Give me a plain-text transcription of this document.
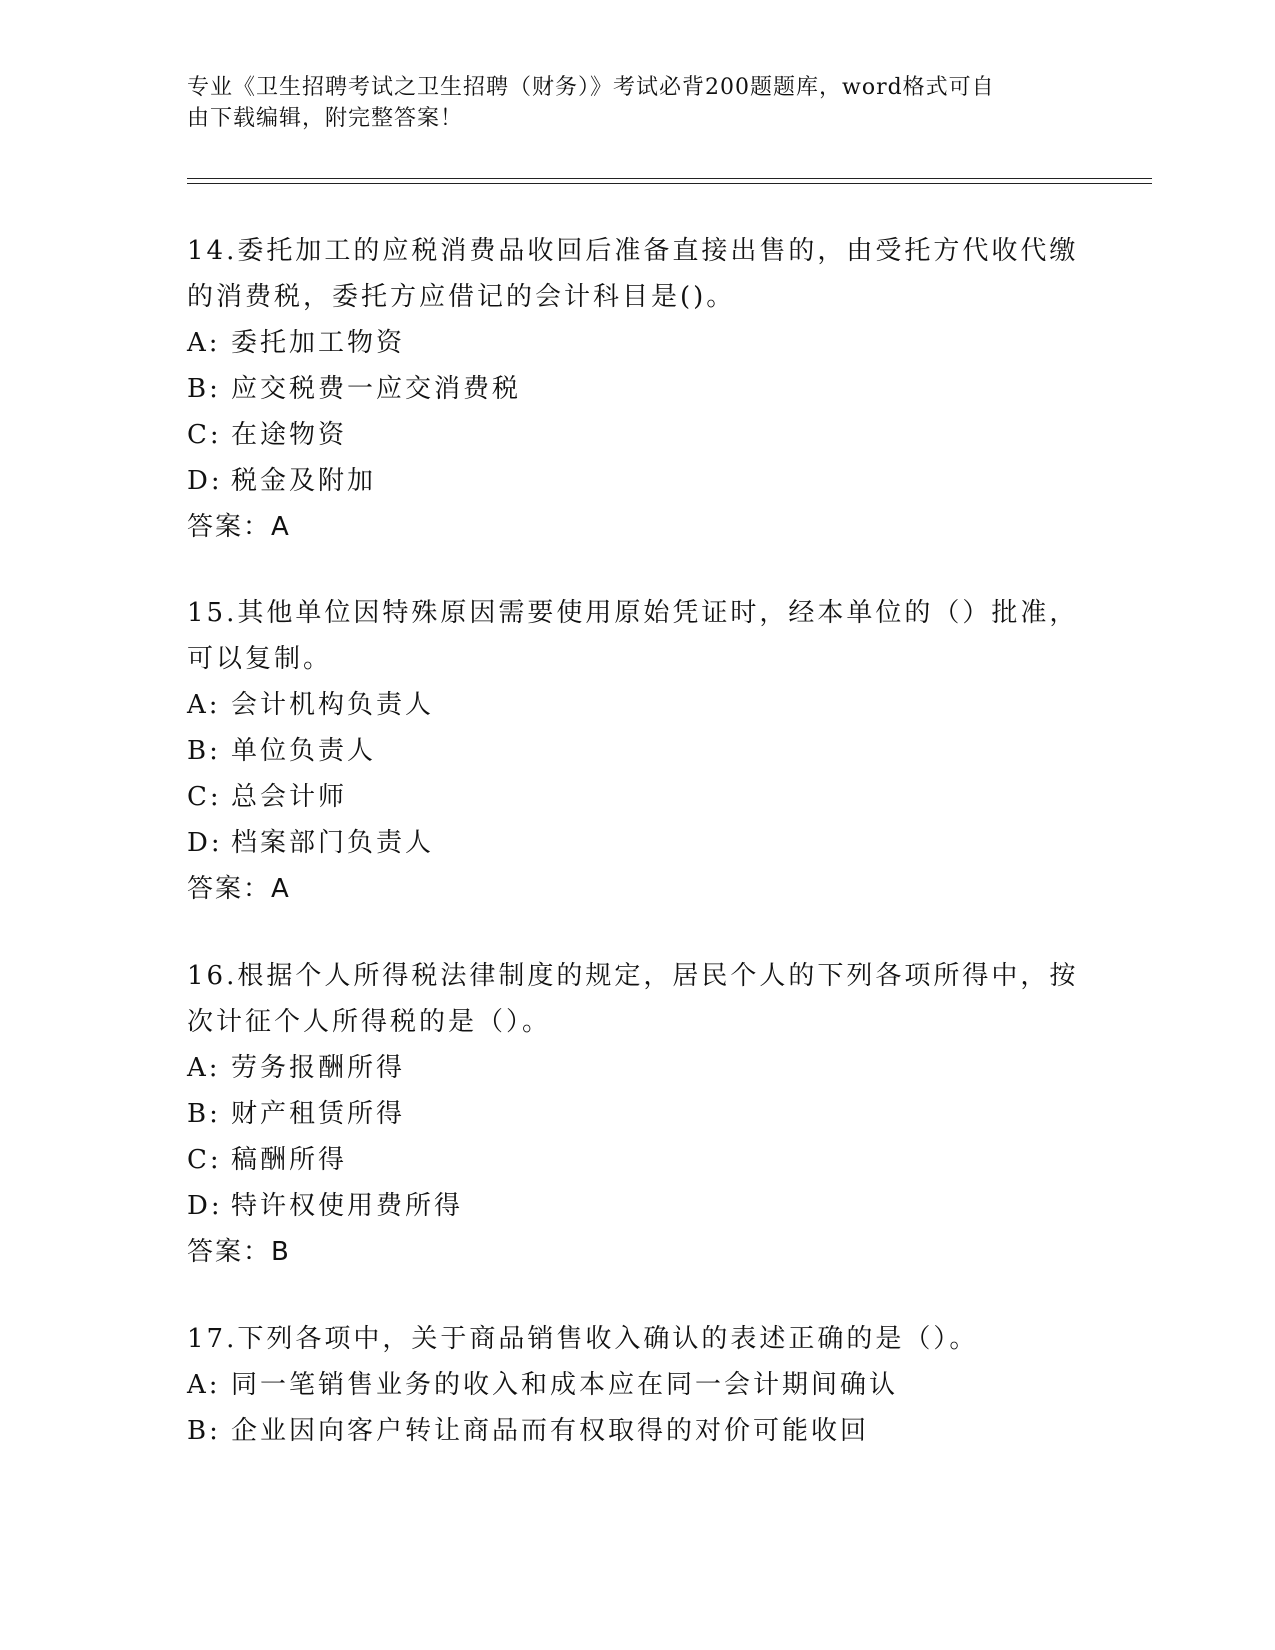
专业《卫生招聘考试之卫生招聘（财务）》考试必背200题题库，word格式可自
由下载编辑，附完整答案！

14.委托加工的应税消费品收回后准备直接出售的，由受托方代收代缴

的消费税，委托方应借记的会计科目是()。

A: 委托加工物资

B: 应交税费一应交消费税

C: 在途物资

D: 税金及附加

答案：A

15.其他单位因特殊原因需要使用原始凭证时，经本单位的（）批准，

可以复制。

A: 会计机构负责人

B: 单位负责人

C: 总会计师

D: 档案部门负责人

答案：A

16.根据个人所得税法律制度的规定，居民个人的下列各项所得中，按

次计征个人所得税的是（）。

A: 劳务报酬所得

B: 财产租赁所得

C: 稿酬所得

D: 特许权使用费所得

答案：B

17.下列各项中，关于商品销售收入确认的表述正确的是（）。

A: 同一笔销售业务的收入和成本应在同一会计期间确认

B: 企业因向客户转让商品而有权取得的对价可能收回
